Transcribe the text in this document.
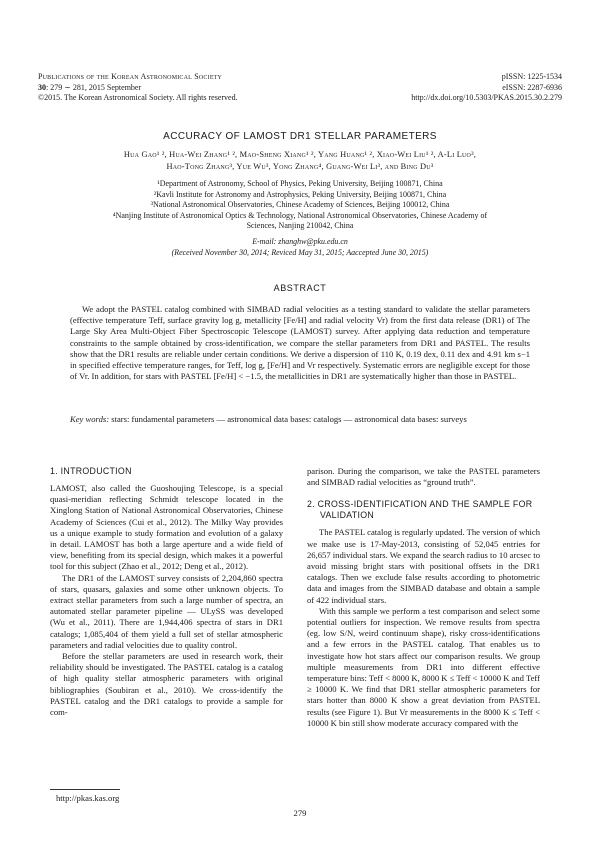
Publications of the Korean Astronomical Society
30: 279 ∼ 281, 2015 September
©2015. The Korean Astronomical Society. All rights reserved.
pISSN: 1225-1534
eISSN: 2287-6936
http://dx.doi.org/10.5303/PKAS.2015.30.2.279
ACCURACY OF LAMOST DR1 STELLAR PARAMETERS
Hua Gao¹ ², Hua-Wei Zhang¹ ², Mao-Sheng Xiang¹ ², Yang Huang¹ ², Xiao-Wei Liu¹ ², A-Li Luo³,
Hao-Tong Zhang³, Yue Wu³, Yong Zhang⁴, Guang-Wei Li³, and Bing Du³
¹Department of Astronomy, School of Physics, Peking University, Beijing 100871, China
²Kavli Institute for Astronomy and Astrophysics, Peking University, Beijing 100871, China
³National Astronomical Observatories, Chinese Academy of Sciences, Beijing 100012, China
⁴Nanjing Institute of Astronomical Optics & Technology, National Astronomical Observatories, Chinese Academy of
Sciences, Nanjing 210042, China
E-mail: zhanghw@pku.edu.cn
(Received November 30, 2014; Reviced May 31, 2015; Aaccepted June 30, 2015)
ABSTRACT

We adopt the PASTEL catalog combined with SIMBAD radial velocities as a testing standard to validate the stellar parameters (effective temperature Teff, surface gravity log g, metallicity [Fe/H] and radial velocity Vr) from the first data release (DR1) of The Large Sky Area Multi-Object Fiber Spectroscopic Telescope (LAMOST) survey. After applying data reduction and temperature constraints to the sample obtained by cross-identification, we compare the stellar parameters from DR1 and PASTEL. The results show that the DR1 results are reliable under certain conditions. We derive a dispersion of 110 K, 0.19 dex, 0.11 dex and 4.91 km s−1 in specified effective temperature ranges, for Teff, log g, [Fe/H] and Vr respectively. Systematic errors are negligible except for those of Vr. In addition, for stars with PASTEL [Fe/H] < −1.5, the metallicities in DR1 are systematically higher than those in PASTEL.

Key words: stars: fundamental parameters — astronomical data bases: catalogs — astronomical data bases: surveys
1. INTRODUCTION

LAMOST, also called the Guoshoujing Telescope, is a special quasi-meridian reflecting Schmidt telescope located in the Xinglong Station of National Astronomical Observatories, Chinese Academy of Sciences (Cui et al., 2012). The Milky Way provides us a unique example to study formation and evolution of a galaxy in detail. LAMOST has both a large aperture and a wide field of view, benefiting from its special design, which makes it a powerful tool for this subject (Zhao et al., 2012; Deng et al., 2012).

The DR1 of the LAMOST survey consists of 2,204,860 spectra of stars, quasars, galaxies and some other unknown objects. To extract stellar parameters from such a large number of spectra, an automated stellar parameter pipeline — ULySS was developed (Wu et al., 2011). There are 1,944,406 spectra of stars in DR1 catalogs; 1,085,404 of them yield a full set of stellar atmospheric parameters and radial velocities due to quality control.

Before the stellar parameters are used in research work, their reliability should be investigated. The PASTEL catalog is a catalog of high quality stellar atmospheric parameters with original bibliographies (Soubiran et al., 2010). We cross-identify the PASTEL catalog and the DR1 catalogs to provide a sample for com-

http://pkas.kas.org

parison. During the comparison, we take the PASTEL parameters and SIMBAD radial velocities as “ground truth”.

2. CROSS-IDENTIFICATION AND THE SAMPLE FOR
VALIDATION

The PASTEL catalog is regularly updated. The version of which we make use is 17-May-2013, consisting of 52,045 entries for 26,657 individual stars. We expand the search radius to 10 arcsec to avoid missing bright stars with positional offsets in the DR1 catalogs. Then we exclude false results according to photometric data and images from the SIMBAD database and obtain a sample of 422 individual stars.

With this sample we perform a test comparison and select some potential outliers for inspection. We remove results from spectra (eg. low S/N, weird continuum shape), risky cross-identifications and a few errors in the PASTEL catalog. That enables us to investigate how hot stars affect our comparison results. We group multiple measurements from DR1 into different effective temperature bins: Teff < 8000 K, 8000 K ≤ Teff < 10000 K and Teff ≥ 10000 K. We find that DR1 stellar atmospheric parameters for stars hotter than 8000 K show a great deviation from PASTEL results (see Figure 1). But Vr measurements in the 8000 K ≤ Teff < 10000 K bin still show moderate accuracy compared with the

279
